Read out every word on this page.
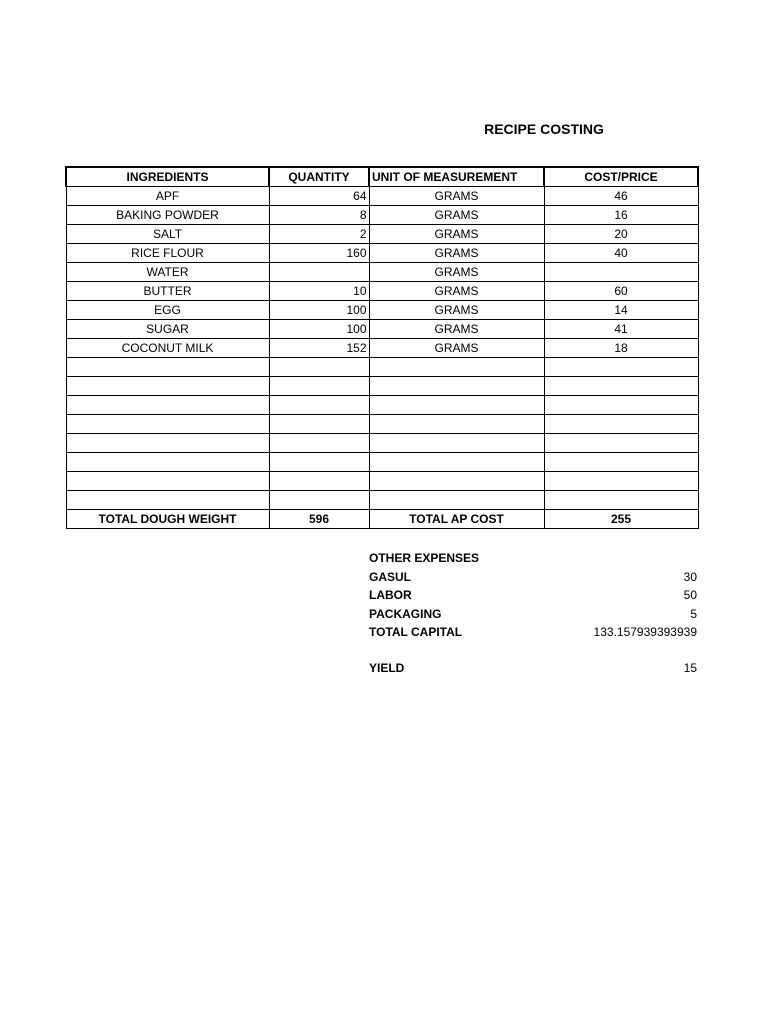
RECIPE COSTING
INGREDIENTS	QUANTITY	UNIT OF MEASUREMENT	COST/PRICE
APF	64	GRAMS	46
BAKING POWDER	8	GRAMS	16
SALT	2	GRAMS	20
RICE FLOUR	160	GRAMS	40
WATER		GRAMS	
BUTTER	10	GRAMS	60
EGG	100	GRAMS	14
SUGAR	100	GRAMS	41
COCONUT MILK	152	GRAMS	18

TOTAL DOUGH WEIGHT	596	TOTAL AP COST	255
OTHER EXPENSES
GASUL	30
LABOR	50
PACKAGING	5
TOTAL CAPITAL	133.157939393939
YIELD	15
